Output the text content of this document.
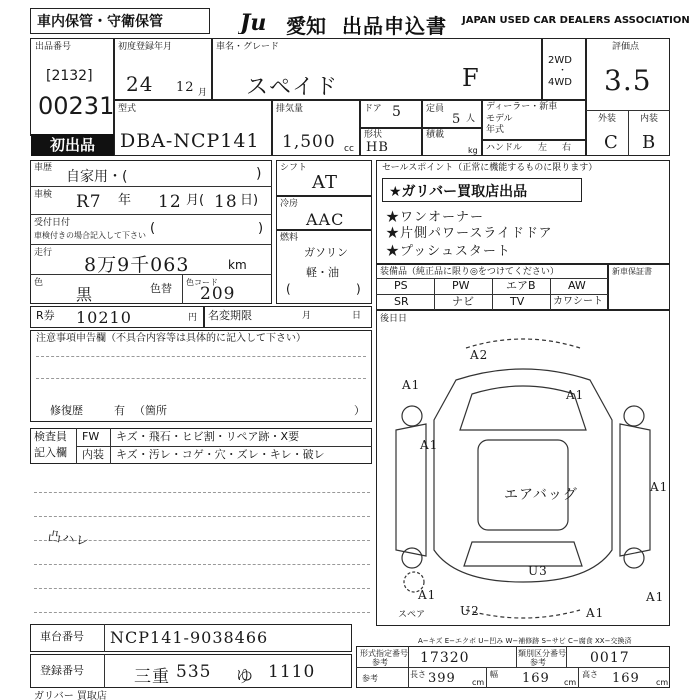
車内保管・守衛保管	Ju 愛知 出品申込書 JAPAN USED CAR DEALERS ASSOCIATION
出品番号
[2132]
00231
初出品
初度登録年月
24 12 月
車名・グレード
スペイド	F
2WD
・
4WD
評価点
3.5
外装	内装
C B
型式
DBA-NCP141
排気量
1,500 cc
ドア 5	定員
5 人
ディーラー・新車
モデル
年式
形状
HB
積載
kg ハンドル 左 右
車歴
自家用・(	)
車検 R7 年 12 月( 18 日)
受付日付
車検付きの場合記入して下さい (	)
走行
8万9千063	km
色
黒	色替 色コード
209
シフト
AT
冷房
AAC
燃料
ガソリン
軽・油
(	)
R券 10210	円 名変期限	月	日
注意事項申告欄（不具合内容等は具体的に記入して下さい）
修復歴	有 （箇所	）
検査員
記入欄
FW キズ・飛石・ヒビ割・リペア跡・X要
内装 キズ・汚レ・コゲ・穴・ズレ・キレ・破レ
凸ハレ
セールスポイント（正常に機能するものに限ります）
★ガリバー買取店出品
★ワンオーナー
★片側パワースライドドア
★プッシュスタート
装備品（純正品に限り◎をつけてください）
PS	PW	エアB	AW
SR	ナビ	TV	カワシート
新車保証書
後日日
A2
A1
A1
A1
A1
エアバッグ
U3
U2
A1
A1
A1
スペア
A−キズ E−エクボ U−凹み W−補修跡 S−サビ C−腐食 XX−交換済
車台番号 NCP141-9038466
登録番号	三重 535 ゆ 1110
形式指定番号
参考 17320	類別区分番号
参考	0017
参考	長さ 399 cm
幅 169 cm
高さ 169 cm
ガリバー 買取店
